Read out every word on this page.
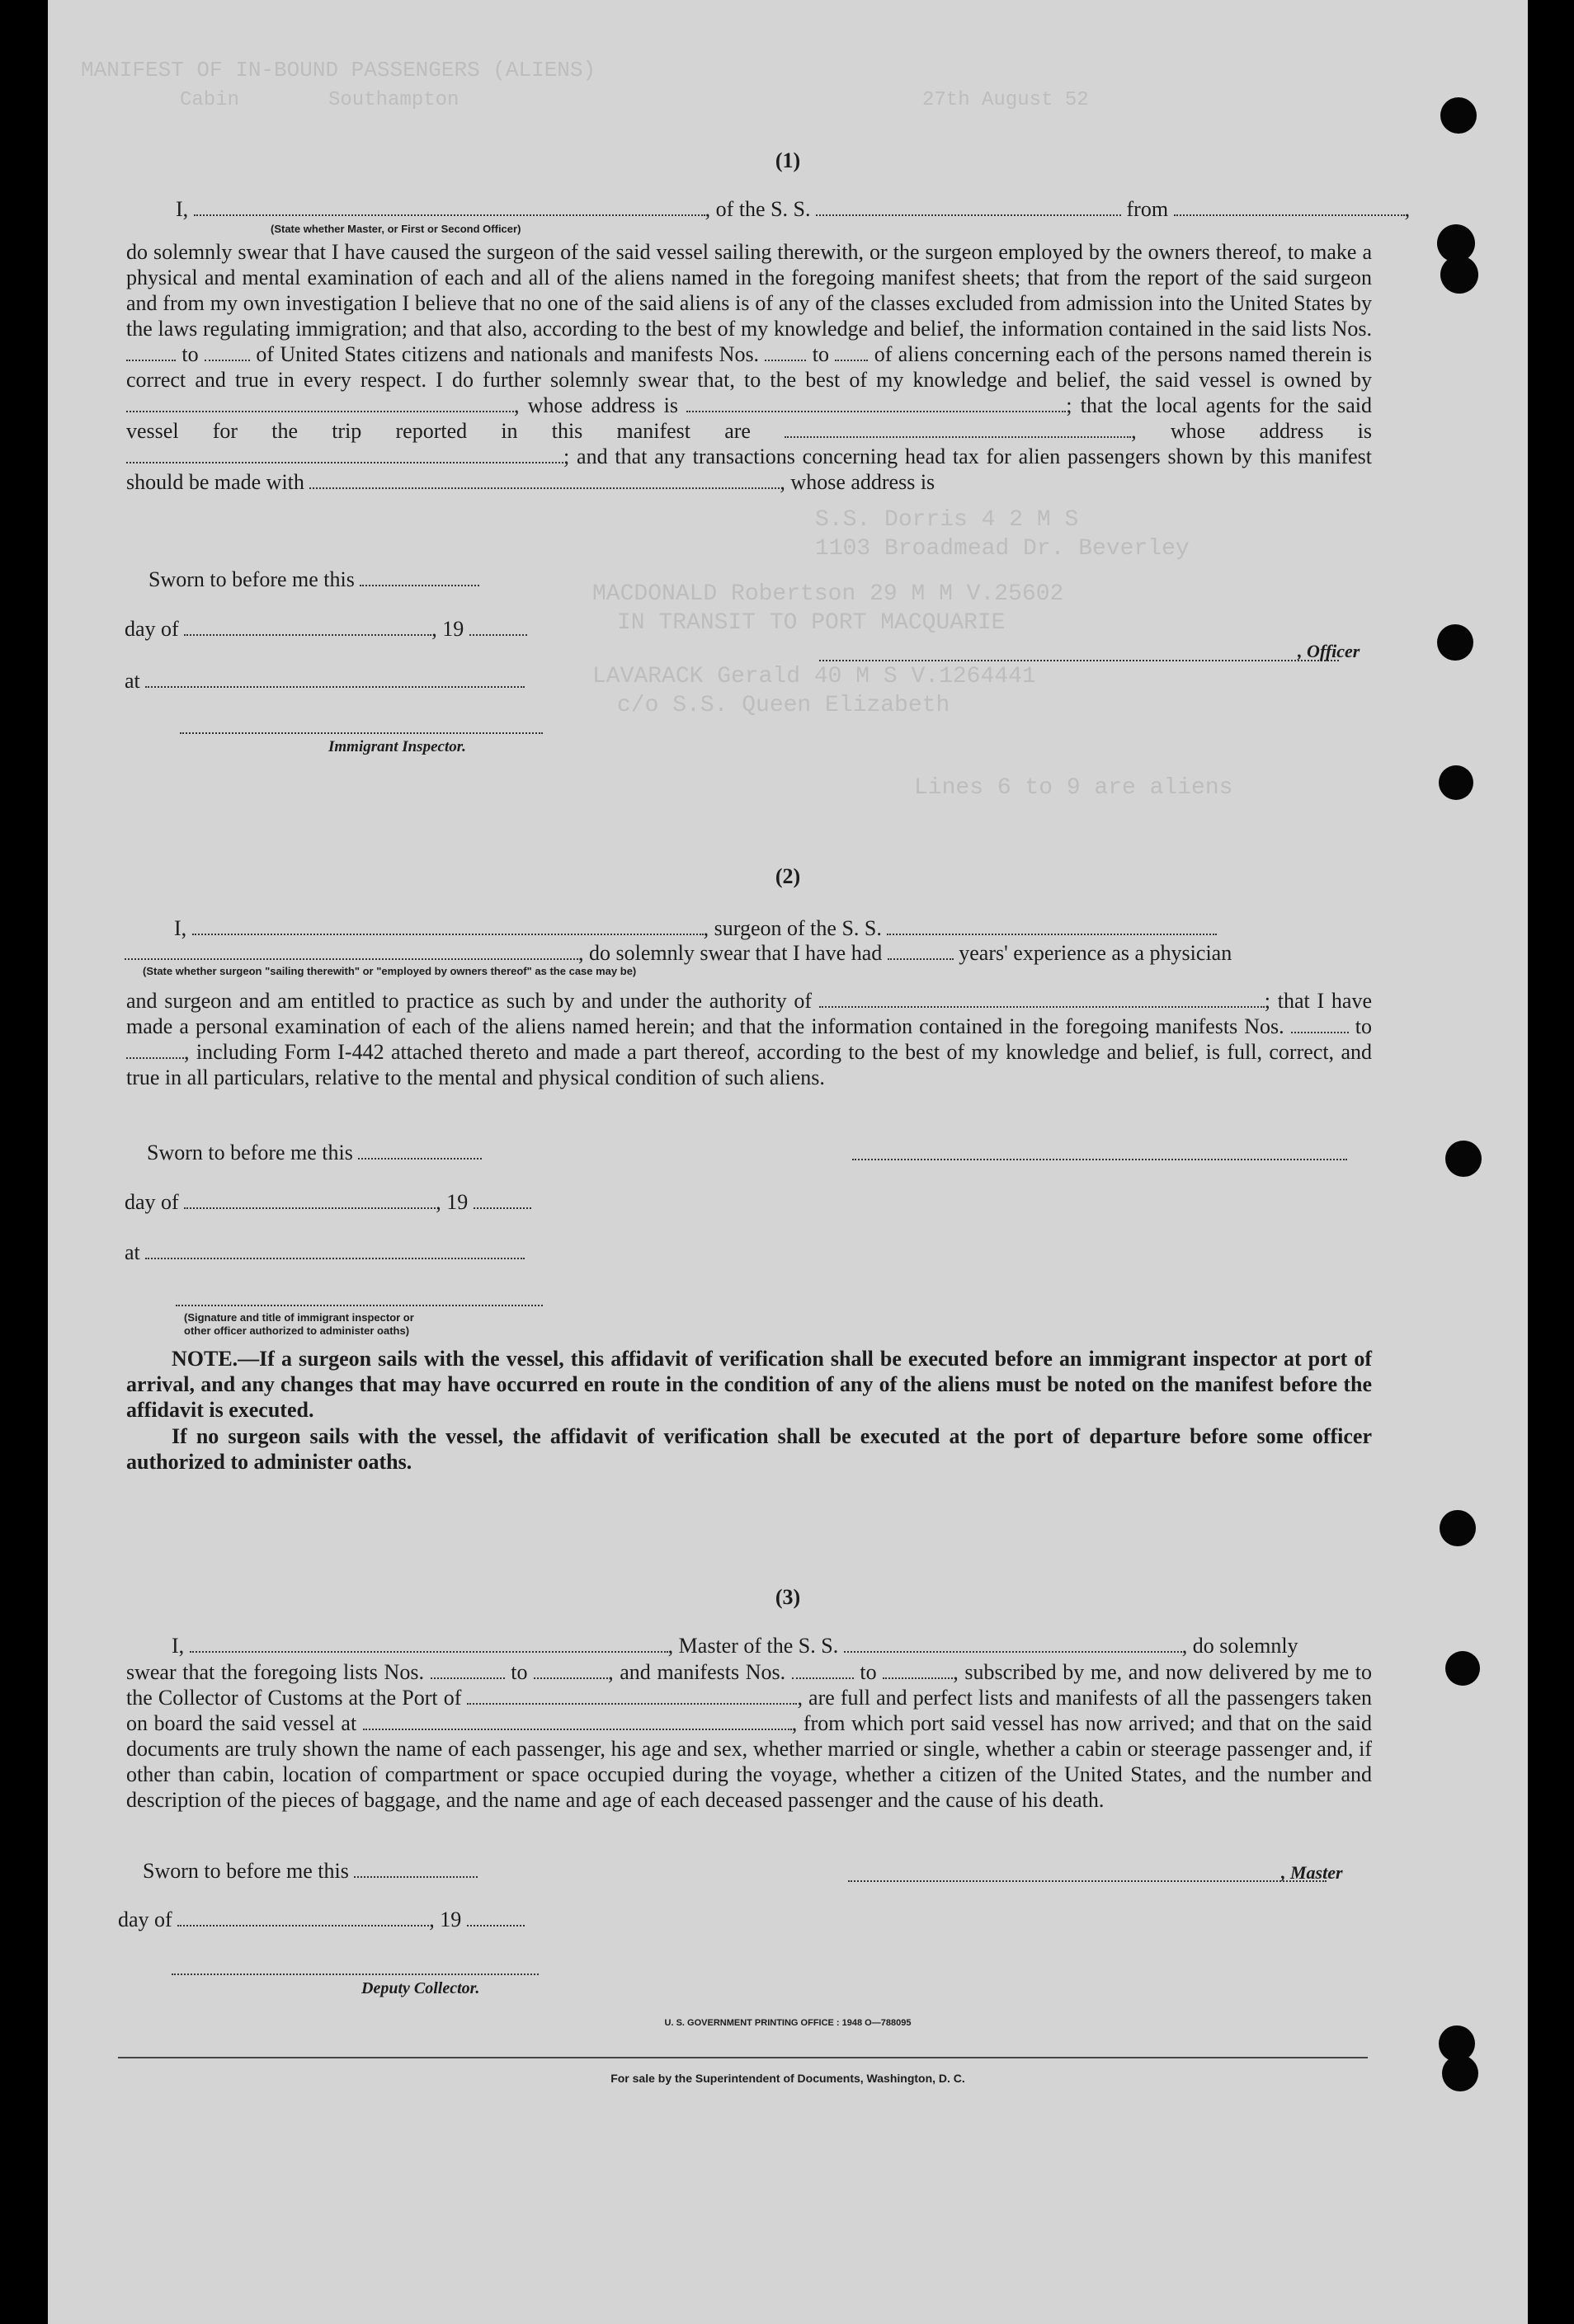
MANIFEST OF IN-BOUND PASSENGERS (ALIENS)
Cabin	Southampton	27th August 52
S.S. Dorris 4 2 M S
1103 Broadmead Dr. Beverley
MACDONALD Robertson 29 M M V.25602
IN TRANSIT TO PORT MACQUARIE
LAVARACK Gerald 40 M S V.1264441
c/o S.S. Queen Elizabeth
Lines 6 to 9 are aliens
(1)
I,	, of the S. S.	from	,
(State whether Master, or First or Second Officer)
do solemnly swear that I have caused the surgeon of the said vessel sailing therewith, or the surgeon employed by the owners thereof, to make a physical and mental examination of each and all of the aliens named in the foregoing manifest sheets; that from the report of the said surgeon and from my own investigation I believe that no one of the said aliens is of any of the classes excluded from admission into the United States by the laws regulating immigration; and that also, according to the best of my knowledge and belief, the information contained in the said lists Nos.  to	of United States citizens and nationals and manifests Nos. to of aliens concerning each of the persons named therein is correct and true in every respect. I do further solemnly swear that, to the best of my knowledge and belief, the said vessel is owned by , whose address is	; that the local agents for the said vessel for the trip reported in this manifest are	, whose address is ; and that any transactions concerning head tax for alien passengers shown by this manifest should be made with	, whose address is
Sworn to before me this
day of	, 19
at
, Officer
Immigrant Inspector.
(2)
I,	, surgeon of the S. S.
, do solemnly swear that I have had	years' experience as a physician
(State whether surgeon "sailing therewith" or "employed by owners thereof" as the case may be)
and surgeon and am entitled to practice as such by and under the authority of	; that I have made a personal examination of each of the aliens named herein; and that the information contained in the foregoing manifests Nos.	to , including Form I-442 attached thereto and made a part thereof, according to the best of my knowledge and belief, is full, correct, and true in all particulars, relative to the mental and physical condition of such aliens.
Sworn to before me this
day of	, 19
at
(Signature and title of immigrant inspector or
other officer authorized to administer oaths)
NOTE.—If a surgeon sails with the vessel, this affidavit of verification shall be executed before an immigrant inspector at port of arrival, and any changes that may have occurred en route in the condition of any of the aliens must be noted on the manifest before the affidavit is executed.
If no surgeon sails with the vessel, the affidavit of verification shall be executed at the port of departure before some officer authorized to administer oaths.
(3)
I,	, Master of the S. S.	, do solemnly
swear that the foregoing lists Nos.	to	, and manifests Nos.	to	, subscribed by me, and now delivered by me to the Collector of Customs at the Port of	, are full and perfect lists and manifests of all the passengers taken on board the said vessel at	, from which port said vessel has now arrived; and that on the said documents are truly shown the name of each passenger, his age and sex, whether married or single, whether a cabin or steerage passenger and, if other than cabin, location of compartment or space occupied during the voyage, whether a citizen of the United States, and the number and description of the pieces of baggage, and the name and age of each deceased passenger and the cause of his death.
Sworn to before me this	, Master
day of	, 19
Deputy Collector.
U. S. GOVERNMENT PRINTING OFFICE : 1948 O—788095
For sale by the Superintendent of Documents, Washington, D. C.
